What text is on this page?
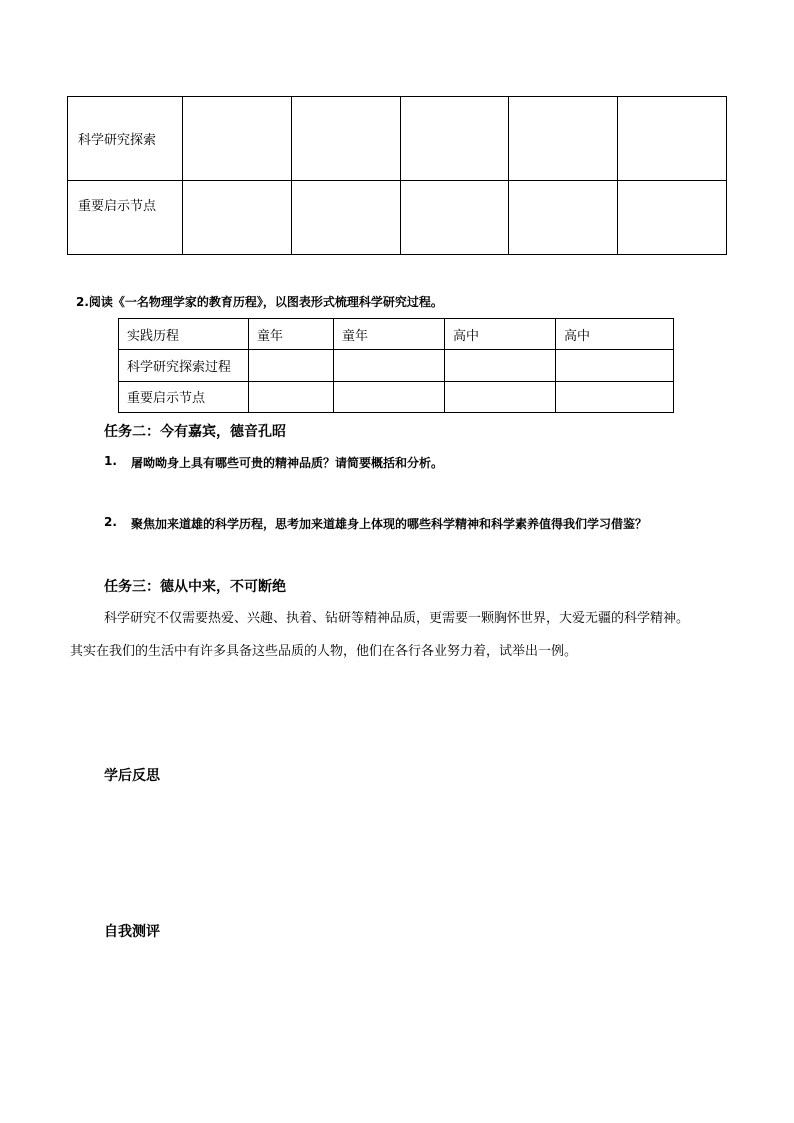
科学研究探索					
重要启示节点					
2.阅读《一名物理学家的教育历程》，以图表形式梳理科学研究过程。
实践历程	童年	童年	高中	高中
科学研究探索过程				
重要启示节点				
任务二：今有嘉宾，德音孔昭
1. 屠呦呦身上具有哪些可贵的精神品质？请简要概括和分析。
2. 聚焦加来道雄的科学历程，思考加来道雄身上体现的哪些科学精神和科学素养值得我们学习借鉴？
任务三：德从中来，不可断绝
科学研究不仅需要热爱、兴趣、执着、钻研等精神品质，更需要一颗胸怀世界，大爱无疆的科学精神。
其实在我们的生活中有许多具备这些品质的人物，他们在各行各业努力着，试举出一例。
学后反思
自我测评
